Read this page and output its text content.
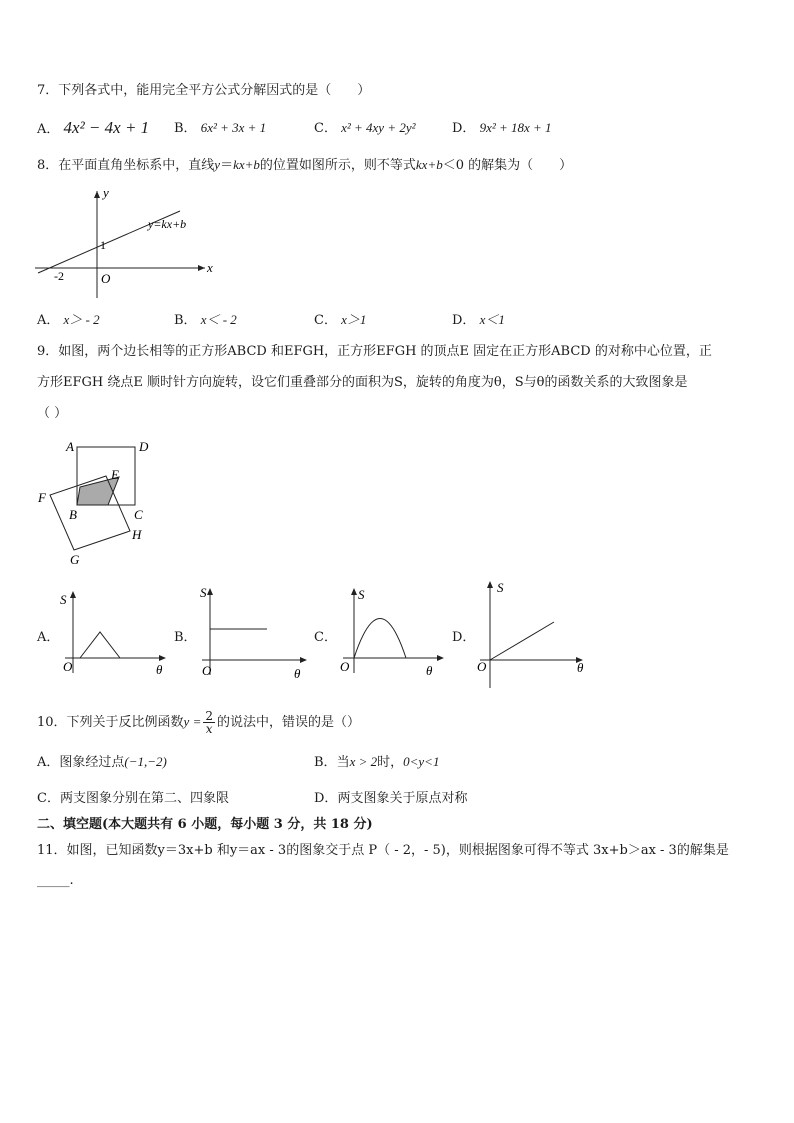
7．下列各式中，能用完全平方公式分解因式的是（　　）
A． 4x² − 4x + 1 B． 6x² + 3x + 1	C． x² + 4xy + 2y²	D． 9x² + 18x + 1
8．在平面直角坐标系中，直线y＝kx+b的位置如图所示，则不等式kx+b＜0 的解集为（　　）
y
x
O
1
-2
y=kx+b
A． x＞ - 2	B． x＜ - 2	C． x＞1	D． x＜1
9．如图，两个边长相等的正方形ABCD 和EFGH，正方形EFGH 的顶点E 固定在正方形ABCD 的对称中心位置，正
方形EFGH 绕点E 顺时针方向旋转，设它们重叠部分的面积为S，旋转的角度为θ，S与θ的函数关系的大致图象是
（ ）
A	D
E
F
B	C
H
G
A．
S
O	θ
B．
S
O	θ
C．
S
O	θ
D．
S
O	θ
10．下列关于反比例函数$y = \frac{2}{x}$ 的说法中，错误的是（）
A．图象经过点(−1,−2)	B．当x > 2时，0<y<1
C．两支图象分别在第二、四象限	D．两支图象关于原点对称
二、填空题(本大题共有 6 小题，每小题 3 分，共 18 分)
11．如图，已知函数y＝3x+b 和y＝ax - 3的图象交于点 P（ - 2，- 5)，则根据图象可得不等式 3x+b＞ax - 3的解集是
_____.
